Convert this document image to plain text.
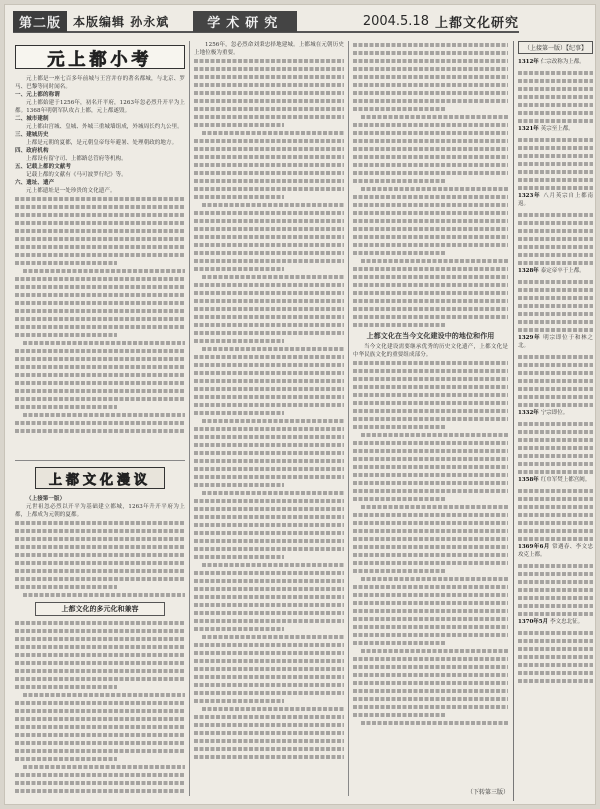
第二版	本版编辑 孙永斌	学术研究	2004.5.18 上都文化研究
元上都小考

元上都是一座七百多年前城与王宫并存的著名都城，与北京、罗马、巴黎等同时闻名。

一、元上都的称谓

元上都始建于1256年，初名开平府，1263年忽必烈升开平为上都。1368年明朝军队攻占上都，元上都遂毁。

二、城市建制

元上都由宫城、皇城、外城三重城墙组成，外城周长约九公里。

三、建城历史

上都是元朝的夏都，是元朝皇帝每年避暑、处理朝政的地方。

四、政府机构

上都设有留守司、上都路总管府等机构。

五、记载上都的文献考

记载上都的文献有《马可波罗行纪》等。

六、遗址、遗产

元上都遗址是一处珍贵的文化遗产。

上都文化漫议

（上接第一版）

元世祖忽必烈以开平为基础建立都城，1263年升开平府为上都，上都成为元朝的夏都。

上都文化的多元化和兼容

1256年，忽必烈命刘秉忠择地建城。上都城在元朝历史上地位极为重要。

上都文化在当今文化建设中的地位和作用

当今文化建设需要继承优秀的历史文化遗产，上都文化是中华民族文化的重要组成部分。

（上接第一版）【纪事】

1312年 仁宗改称为上都。

1321年 英宗至上都。

1323年 八月英宗自上都南返。

1328年 泰定帝卒于上都。

1329年 明宗即位于和林之北。

1332年 宁宗即位。

1358年 红巾军焚上都宫阙。

1369年6月 常遇春、李文忠攻克上都。

1370年5月 李文忠北征。

（下转第三版）
